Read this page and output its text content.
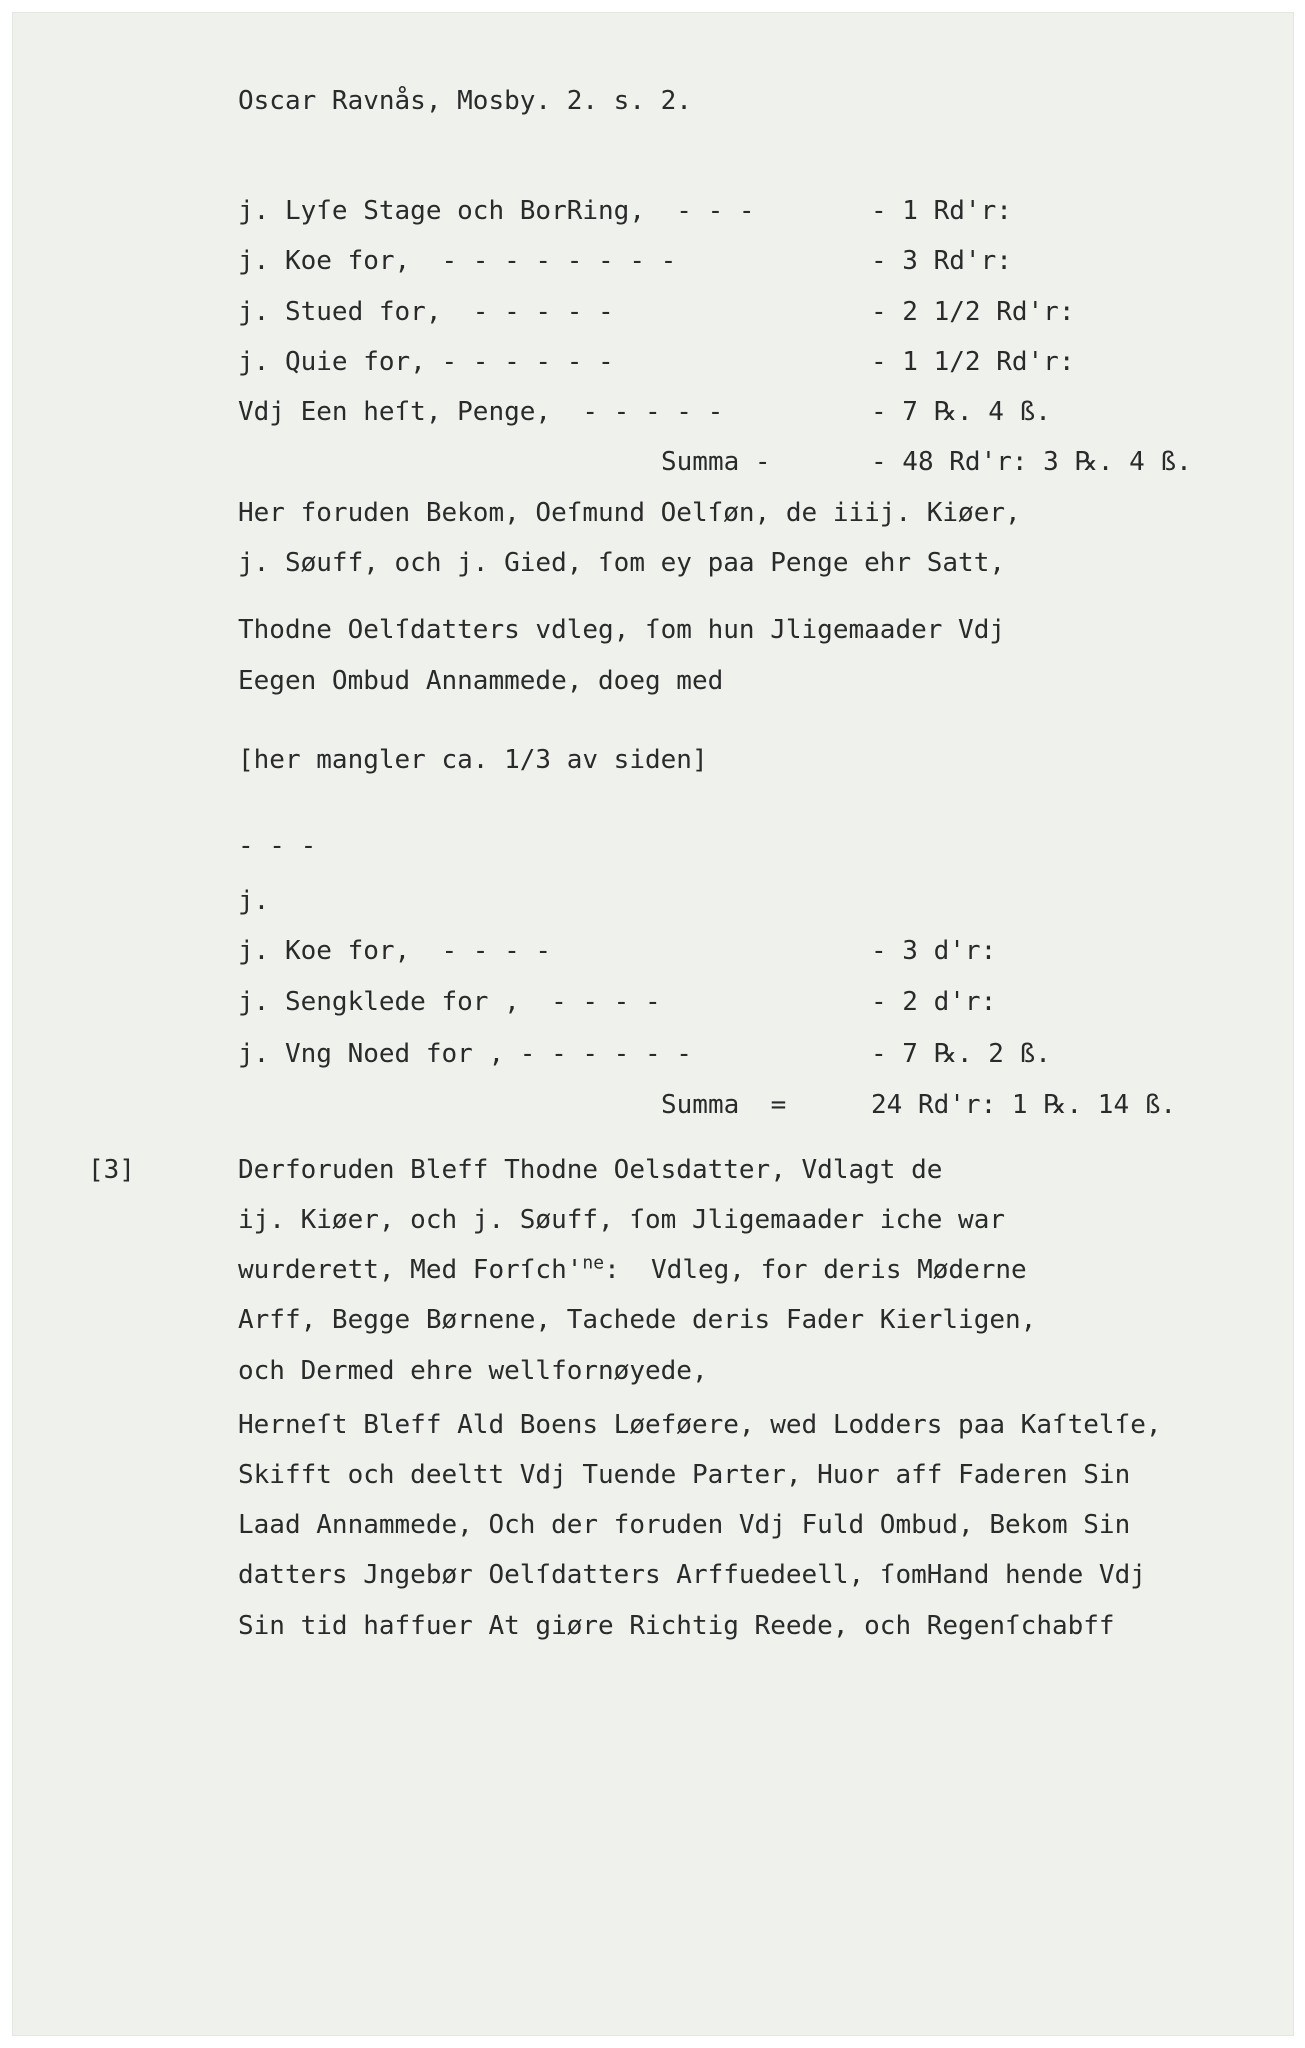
Oscar Ravnås, Mosby. 2. s. 2.
j. Lyſe Stage och BorRing,  - - -	- 1 Rd'r:
j. Koe for,  - - - - - - - -	- 3 Rd'r:
j. Stued for,  - - - - -	- 2 1/2 Rd'r:
j. Quie for, - - - - - -	- 1 1/2 Rd'r:
Vdj Een heſt, Penge,  - - - - -	- 7 ℞. 4 ß.
Summa -	- 48 Rd'r: 3 ℞. 4 ß.
Her foruden Bekom, Oeſmund Oelſøn, de iiij. Kiøer,
j. Søuff, och j. Gied, ſom ey paa Penge ehr Satt,
Thodne Oelſdatters vdleg, ſom hun Jligemaader Vdj
Eegen Ombud Annammede, doeg med
[her mangler ca. 1/3 av siden]
- - -
j.
j. Koe for,  - - - -	- 3 d'r:
j. Sengklede for ,  - - - -	- 2 d'r:
j. Vng Noed for , - - - - - -	- 7 ℞. 2 ß.
Summa  =	24 Rd'r: 1 ℞. 14 ß.
[3]	Derforuden Bleff Thodne Oelsdatter, Vdlagt de
ij. Kiøer, och j. Søuff, ſom Jligemaader iche war
wurderett, Med $Forſch'^{ne}$:  Vdleg, for deris Møderne
Arff, Begge Børnene, Tachede deris Fader Kierligen,
och Dermed ehre wellfornøyede,
Herneſt Bleff Ald Boens Løeføere, wed Lodders paa Kaſtelſe,
Skifft och deeltt Vdj Tuende Parter, Huor aff Faderen Sin
Laad Annammede, Och der foruden Vdj Fuld Ombud, Bekom Sin
datters Jngebør Oelſdatters Arffuedeell, ſomHand hende Vdj
Sin tid haffuer At giøre Richtig Reede, och Regenſchabff
